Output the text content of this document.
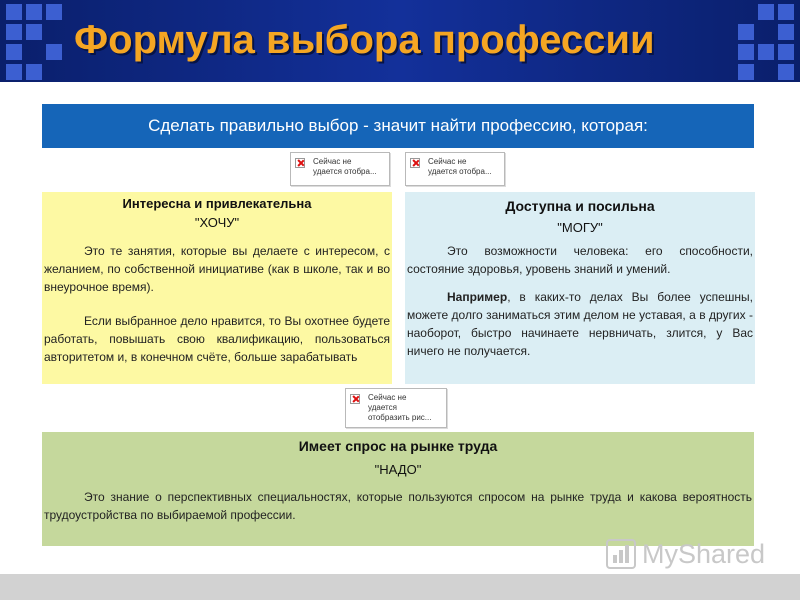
Формула выбора профессии
Сделать правильно выбор - значит найти профессию, которая:
Сейчас не
удается отобра...
Сейчас не
удается отобра...
Интересна и привлекательна
"ХОЧУ"
Это те занятия, которые вы делаете с интересом, с желанием, по собственной инициативе (как в школе, так и во внеурочное время).
Если выбранное дело нравится, то Вы охотнее будете работать, повышать свою квалификацию, пользоваться авторитетом и, в конечном счёте, больше зарабатывать
Доступна и посильна
"МОГУ"
Это возможности человека: его способности, состояние здоровья, уровень знаний и умений.
Например, в каких-то делах Вы более успешны, можете долго заниматься этим делом не уставая, а в других - наоборот, быстро начинаете нервничать, злится, у Вас ничего не получается.
Сейчас не
удается
отобразить рис...
Имеет спрос на рынке труда
"НАДО"
Это знание о перспективных специальностях, которые пользуются спросом на рынке труда и какова вероятность трудоустройства по выбираемой профессии.
MyShared
